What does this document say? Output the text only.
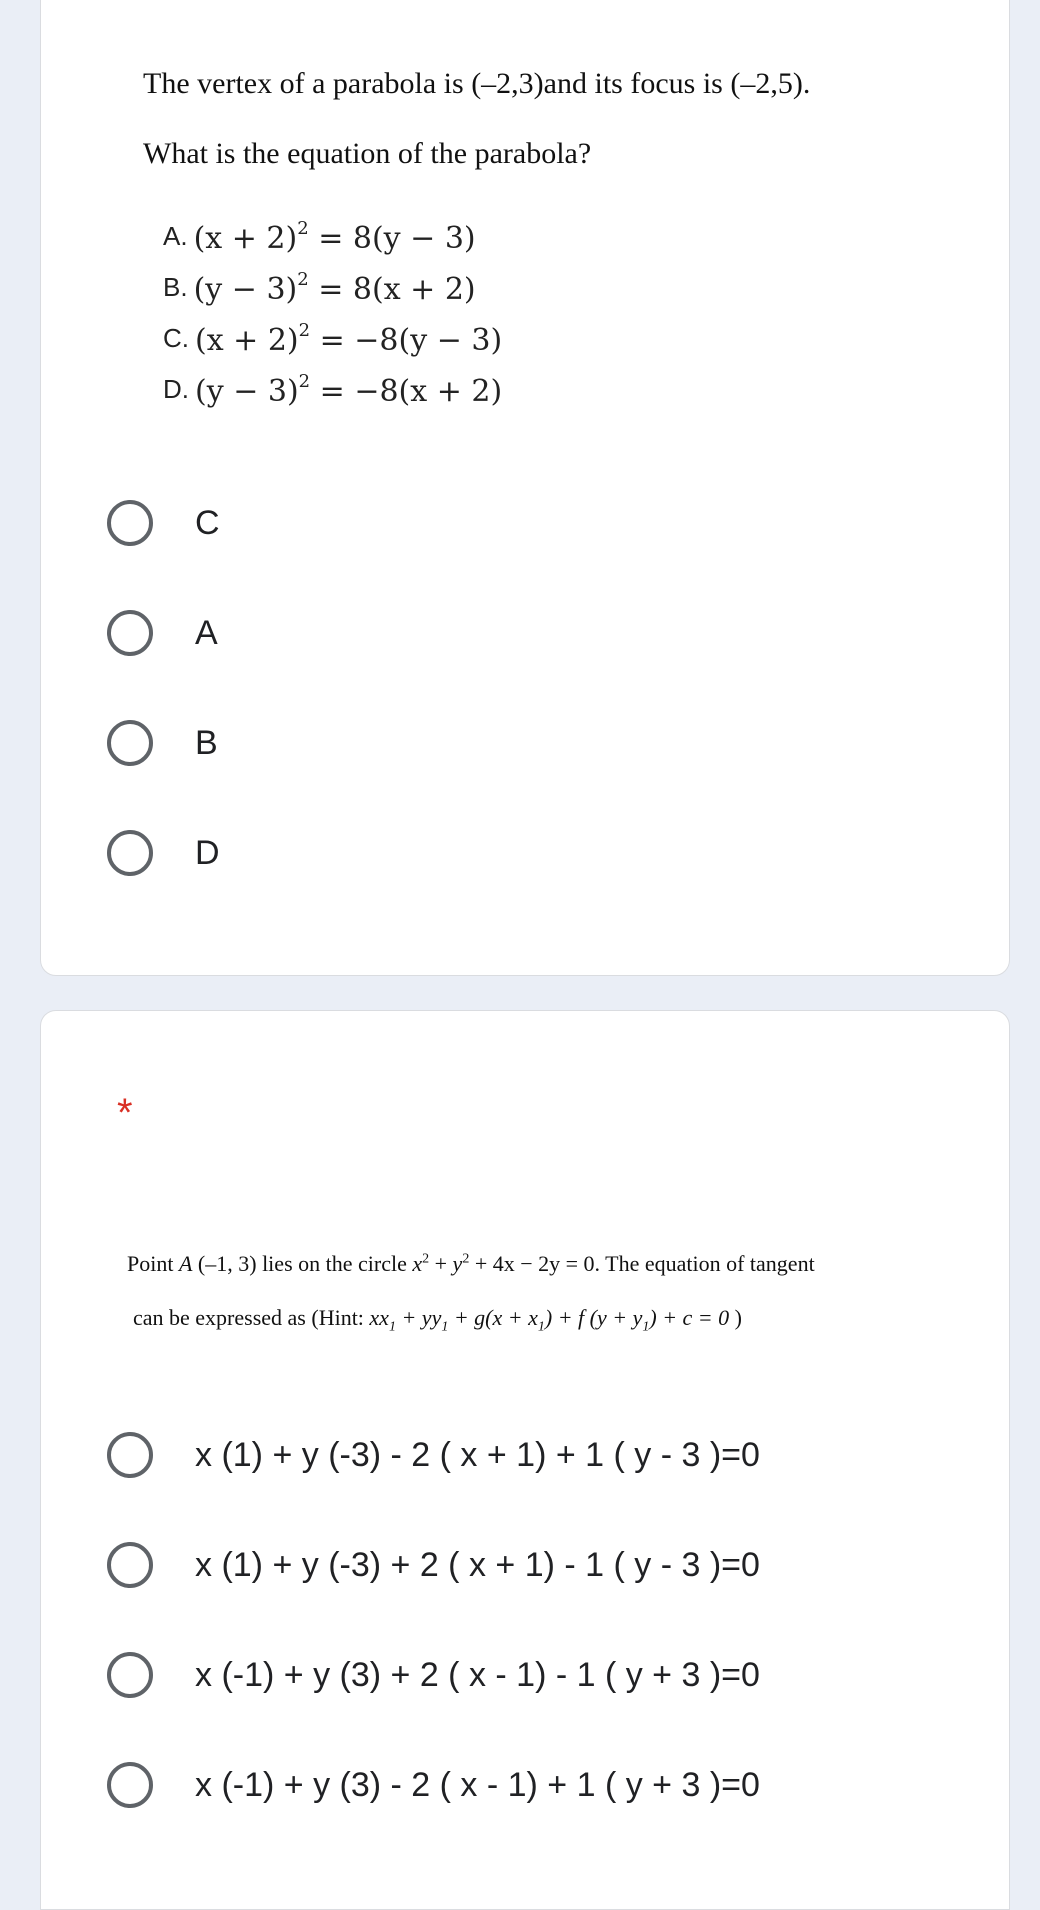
The vertex of a parabola is (–2,3)and its focus is (–2,5).
What is the equation of the parabola?
A. $(x + 2)^2 = 8(y - 3)$
B. $(y - 3)^2 = 8(x + 2)$
C. $(x + 2)^2 = -8(y - 3)$
D. $(y - 3)^2 = -8(x + 2)$
C
A
B
D
*
Point A (–1, 3) lies on the circle $x^2 + y^2 + 4x - 2y = 0$. The equation of tangent
can be expressed as (Hint: $xx_1 + yy_1 + g(x + x_1) + f$ $(y + y_1) + c = 0$ )
x (1) + y (-3) - 2 ( x + 1) + 1 ( y - 3 )=0
x (1) + y (-3) + 2 ( x + 1) - 1 ( y - 3 )=0
x (-1) + y (3) + 2 ( x - 1) - 1 ( y + 3 )=0
x (-1) + y (3) - 2 ( x - 1) + 1 ( y + 3 )=0
